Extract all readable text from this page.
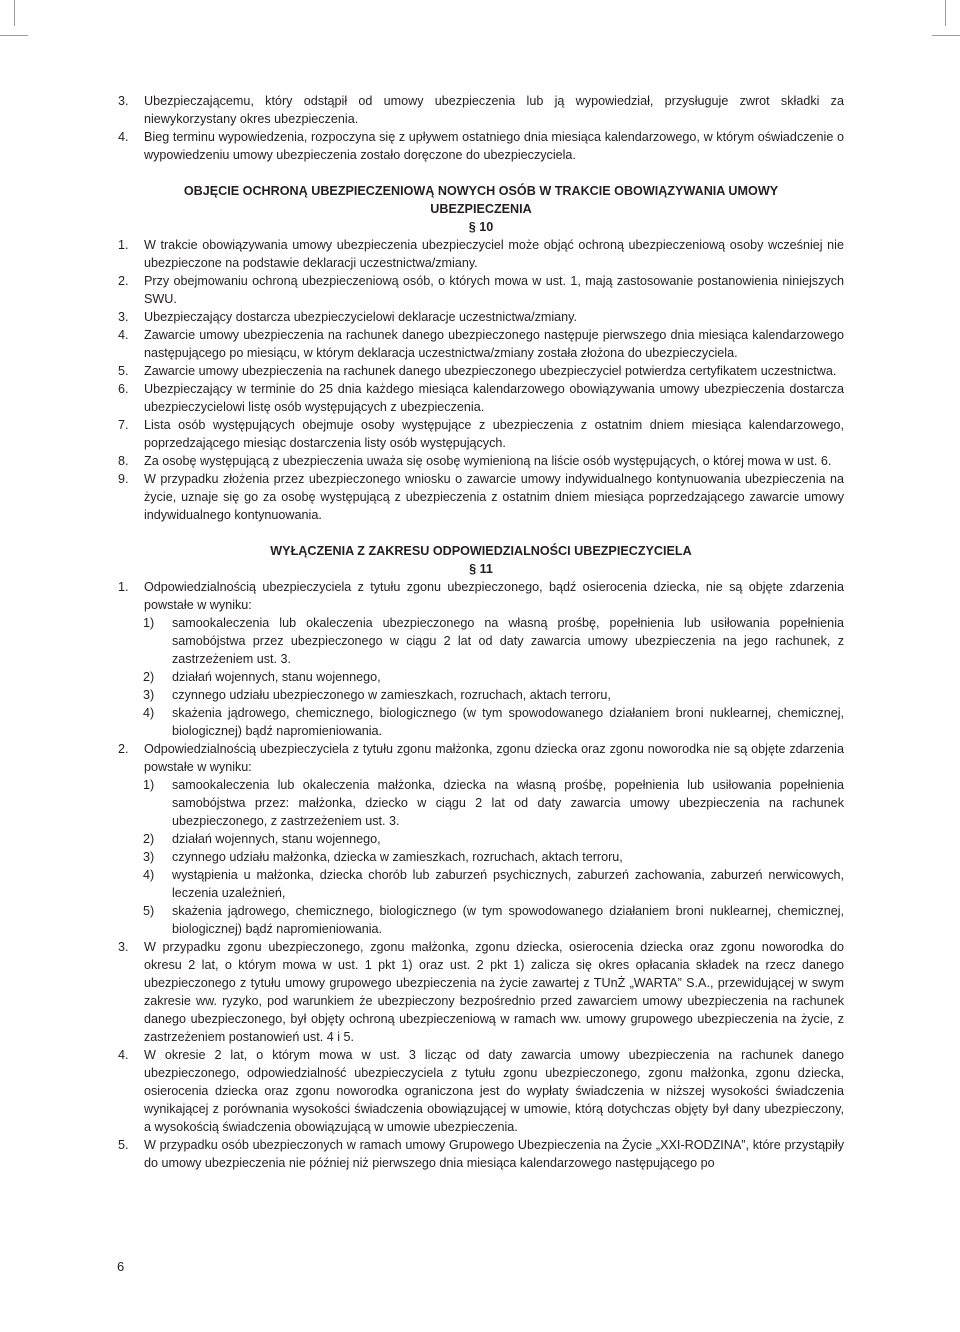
3.	Ubezpieczającemu, który odstąpił od umowy ubezpieczenia lub ją wypowiedział, przysługuje zwrot składki za niewykorzystany okres ubezpieczenia.
4.	Bieg terminu wypowiedzenia, rozpoczyna się z upływem ostatniego dnia miesiąca kalendarzowego, w którym oświadczenie o wypowiedzeniu umowy ubezpieczenia zostało doręczone do ubezpieczyciela.
OBJĘCIE OCHRONĄ UBEZPIECZENIOWĄ NOWYCH OSÓB W TRAKCIE OBOWIĄZYWANIA UMOWY UBEZPIECZENIA
§ 10
1.	W trakcie obowiązywania umowy ubezpieczenia ubezpieczyciel może objąć ochroną ubezpieczeniową osoby wcześniej nie ubezpieczone na podstawie deklaracji uczestnictwa/zmiany.
2.	Przy obejmowaniu ochroną ubezpieczeniową osób, o których mowa w ust. 1, mają zastosowanie postanowienia niniejszych SWU.
3.	Ubezpieczający dostarcza ubezpieczycielowi deklaracje uczestnictwa/zmiany.
4.	Zawarcie umowy ubezpieczenia na rachunek danego ubezpieczonego następuje pierwszego dnia miesiąca kalendarzowego następującego po miesiącu, w którym deklaracja uczestnictwa/zmiany została złożona do ubezpieczyciela.
5.	Zawarcie umowy ubezpieczenia na rachunek danego ubezpieczonego ubezpieczyciel potwierdza certyfikatem uczestnictwa.
6.	Ubezpieczający w terminie do 25 dnia każdego miesiąca kalendarzowego obowiązywania umowy ubezpieczenia dostarcza ubezpieczycielowi listę osób występujących z ubezpieczenia.
7.	Lista osób występujących obejmuje osoby występujące z ubezpieczenia z ostatnim dniem miesiąca kalendarzowego, poprzedzającego miesiąc dostarczenia listy osób występujących.
8.	Za osobę występującą z ubezpieczenia uważa się osobę wymienioną na liście osób występujących, o której mowa w ust. 6.
9.	W przypadku złożenia przez ubezpieczonego wniosku o zawarcie umowy indywidualnego kontynuowania ubezpieczenia na życie, uznaje się go za osobę występującą z ubezpieczenia z ostatnim dniem miesiąca poprzedzającego zawarcie umowy indywidualnego kontynuowania.
WYŁĄCZENIA Z ZAKRESU ODPOWIEDZIALNOŚCI UBEZPIECZYCIELA
§ 11
1.	Odpowiedzialnością ubezpieczyciela z tytułu zgonu ubezpieczonego, bądź osierocenia dziecka, nie są objęte zdarzenia powstałe w wyniku:
1)	samookaleczenia lub okaleczenia ubezpieczonego na własną prośbę, popełnienia lub usiłowania popełnienia samobójstwa przez ubezpieczonego w ciągu 2 lat od daty zawarcia umowy ubezpieczenia na jego rachunek, z zastrzeżeniem ust. 3.
2)	działań wojennych, stanu wojennego,
3)	czynnego udziału ubezpieczonego w zamieszkach, rozruchach, aktach terroru,
4)	skażenia jądrowego, chemicznego, biologicznego (w tym spowodowanego działaniem broni nuklearnej, chemicznej, biologicznej) bądź napromieniowania.
2.	Odpowiedzialnością ubezpieczyciela z tytułu zgonu małżonka, zgonu dziecka oraz zgonu noworodka nie są objęte zdarzenia powstałe w wyniku:
1)	samookaleczenia lub okaleczenia małżonka, dziecka na własną prośbę, popełnienia lub usiłowania popełnienia samobójstwa przez: małżonka, dziecko w ciągu 2 lat od daty zawarcia umowy ubezpieczenia na rachunek ubezpieczonego, z zastrzeżeniem ust. 3.
2)	działań wojennych, stanu wojennego,
3)	czynnego udziału małżonka, dziecka w zamieszkach, rozruchach, aktach terroru,
4)	wystąpienia u małżonka, dziecka chorób lub zaburzeń psychicznych, zaburzeń zachowania, zaburzeń nerwicowych, leczenia uzależnień,
5)	skażenia jądrowego, chemicznego, biologicznego (w tym spowodowanego działaniem broni nuklearnej, chemicznej, biologicznej) bądź napromieniowania.
3.	W przypadku zgonu ubezpieczonego, zgonu małżonka, zgonu dziecka, osierocenia dziecka oraz zgonu noworodka do okresu 2 lat, o którym mowa w ust. 1 pkt 1) oraz ust. 2 pkt 1) zalicza się okres opłacania składek na rzecz danego ubezpieczonego z tytułu umowy grupowego ubezpieczenia na życie zawartej z TUnŻ „WARTA” S.A., przewidującej w swym zakresie ww. ryzyko, pod warunkiem że ubezpieczony bezpośrednio przed zawarciem umowy ubezpieczenia na rachunek danego ubezpieczonego, był objęty ochroną ubezpieczeniową w ramach ww. umowy grupowego ubezpieczenia na życie, z zastrzeżeniem postanowień ust. 4 i 5.
4.	W okresie 2 lat, o którym mowa w ust. 3 licząc od daty zawarcia umowy ubezpieczenia na rachunek danego ubezpieczonego, odpowiedzialność ubezpieczyciela z tytułu zgonu ubezpieczonego, zgonu małżonka, zgonu dziecka, osierocenia dziecka oraz zgonu noworodka ograniczona jest do wypłaty świadczenia w niższej wysokości świadczenia wynikającej z porównania wysokości świadczenia obowiązującej w umowie, którą dotychczas objęty był dany ubezpieczony, a wysokością świadczenia obowiązującą w umowie ubezpieczenia.
5.	W przypadku osób ubezpieczonych w ramach umowy Grupowego Ubezpieczenia na Życie „XXI-RODZINA”, które przystąpiły do umowy ubezpieczenia nie później niż pierwszego dnia miesiąca kalendarzowego następującego po
6
